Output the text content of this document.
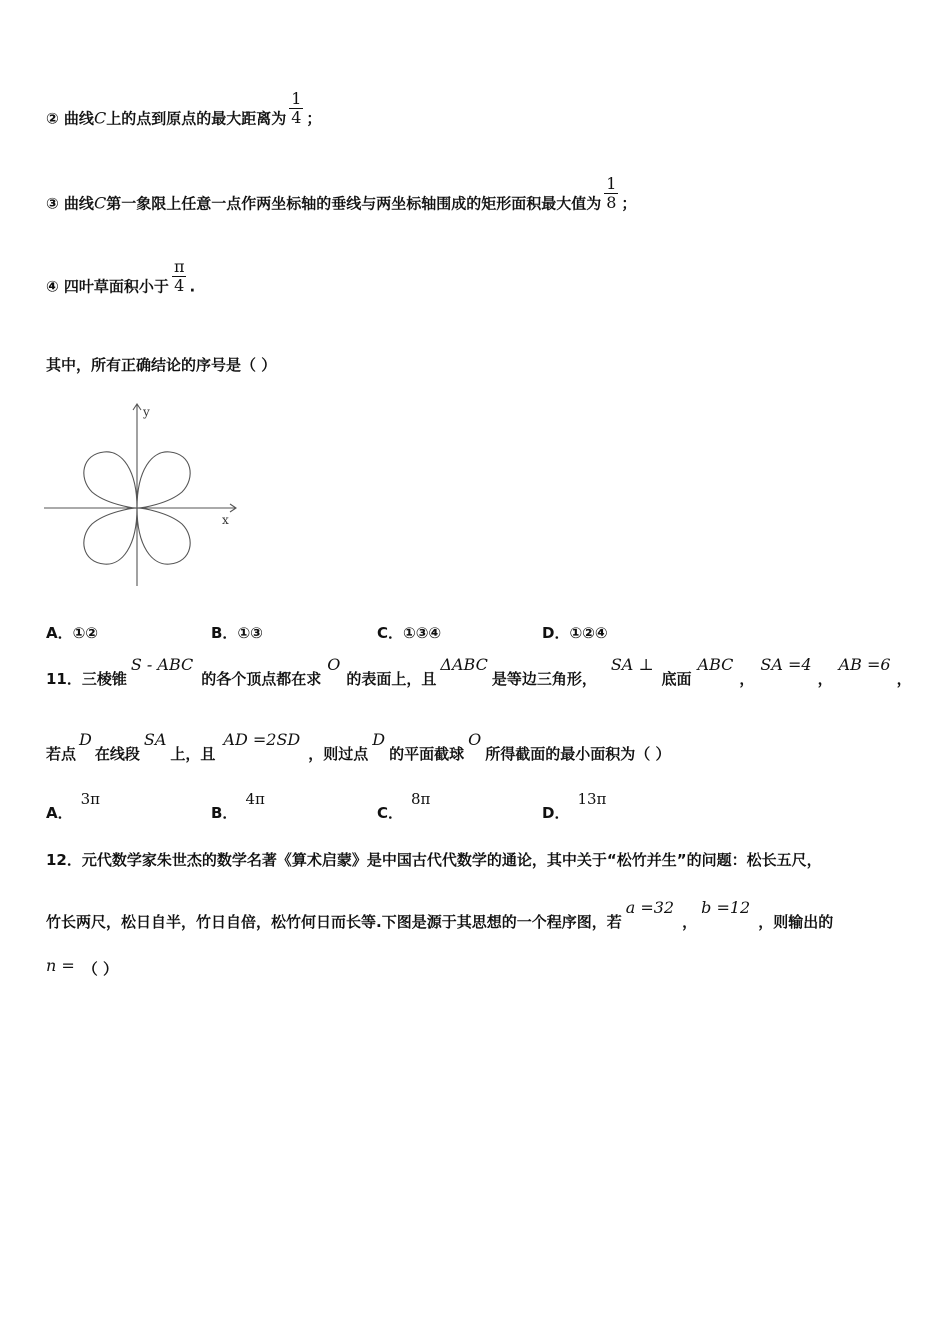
② 曲线C上的点到原点的最大距离为 $\frac{1}{4}$ ；
③ 曲线C第一象限上任意一点作两坐标轴的垂线与两坐标轴围成的矩形面积最大值为 $\frac{1}{8}$ ；
④ 四叶草面积小于 $\frac{\pi}{4}$ .
其中，所有正确结论的序号是（ ）
x
y
A．①②	B．①③	C．①③④	D．①②④
11．三棱锥S - ABC的各个顶点都在求O的表面上，且ΔABC是等边三角形，SA ⊥底面ABC，SA =4，AB =6，
若点D在线段SA上，且AD =2SD，则过点D的平面截球O所得截面的最小面积为（ ）
A．3π
B．4π
C．8π
D．13π
12．元代数学家朱世杰的数学名著《算术启蒙》是中国古代代数学的通论，其中关于“松竹并生”的问题：松长五尺，
竹长两尺，松日自半，竹日自倍，松竹何日而长等.下图是源于其思想的一个程序图，若a =32，b =12，则输出的
n = （ ）
